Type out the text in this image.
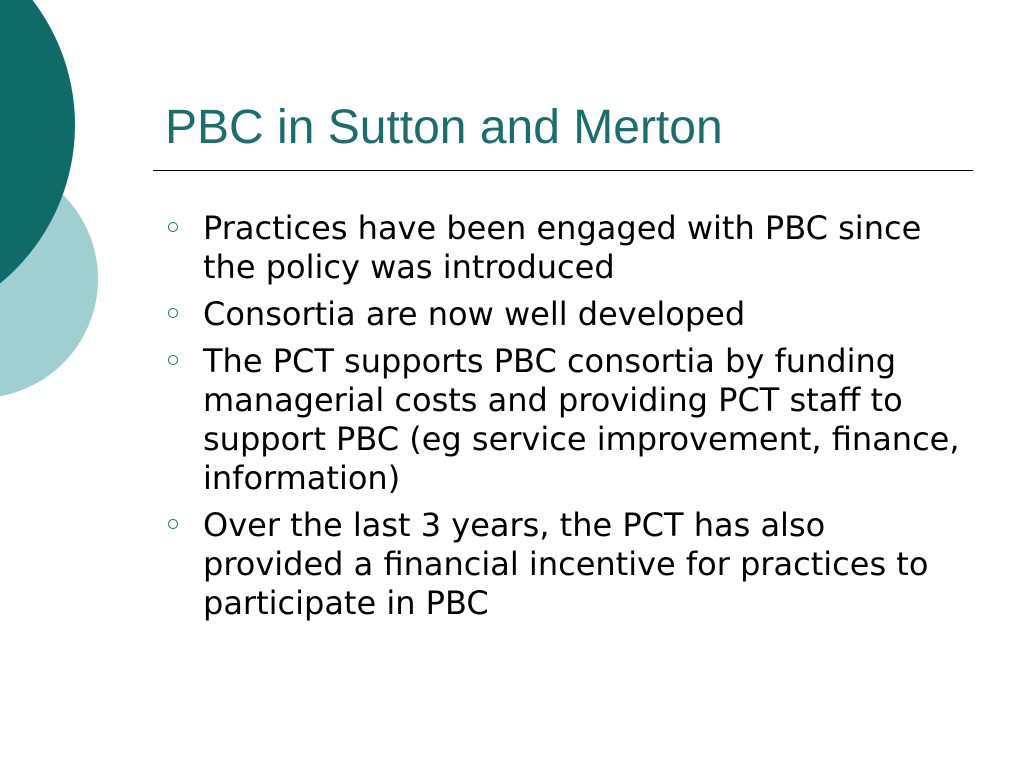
PBC in Sutton and Merton
Practices have been engaged with PBC since the policy was introduced
Consortia are now well developed
The PCT supports PBC consortia by funding managerial costs and providing PCT staff to support PBC (eg service improvement, finance, information)
Over the last 3 years, the PCT has also provided a financial incentive for practices to participate in PBC
